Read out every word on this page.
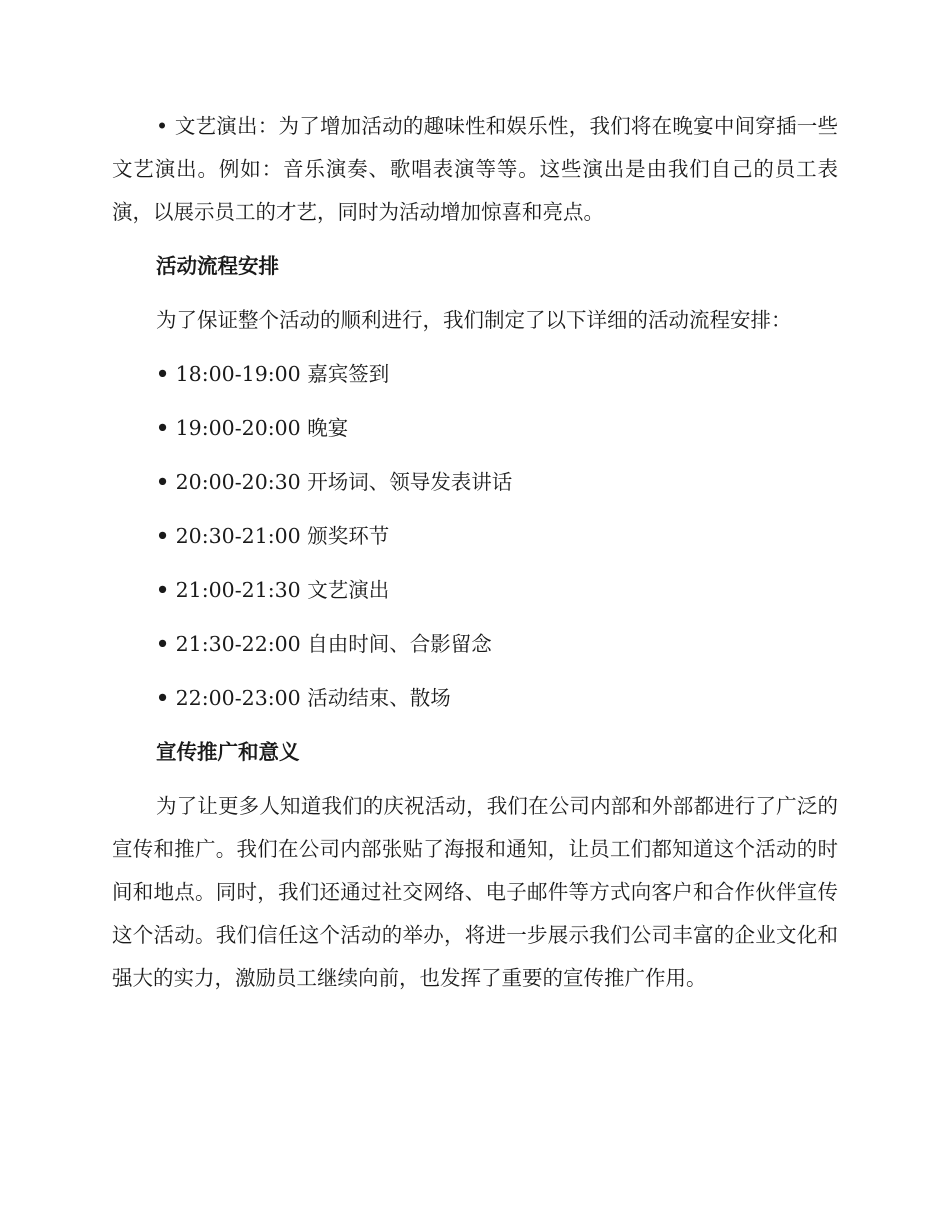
• 文艺演出：为了增加活动的趣味性和娱乐性，我们将在晚宴中间穿插一些文艺演出。例如：音乐演奏、歌唱表演等等。这些演出是由我们自己的员工表演，以展示员工的才艺，同时为活动增加惊喜和亮点。

活动流程安排

为了保证整个活动的顺利进行，我们制定了以下详细的活动流程安排：

• 18:00-19:00 嘉宾签到
• 19:00-20:00 晚宴
• 20:00-20:30 开场词、领导发表讲话
• 20:30-21:00 颁奖环节
• 21:00-21:30 文艺演出
• 21:30-22:00 自由时间、合影留念
• 22:00-23:00 活动结束、散场
宣传推广和意义

为了让更多人知道我们的庆祝活动，我们在公司内部和外部都进行了广泛的宣传和推广。我们在公司内部张贴了海报和通知，让员工们都知道这个活动的时间和地点。同时，我们还通过社交网络、电子邮件等方式向客户和合作伙伴宣传这个活动。我们信任这个活动的举办，将进一步展示我们公司丰富的企业文化和强大的实力，激励员工继续向前，也发挥了重要的宣传推广作用。
